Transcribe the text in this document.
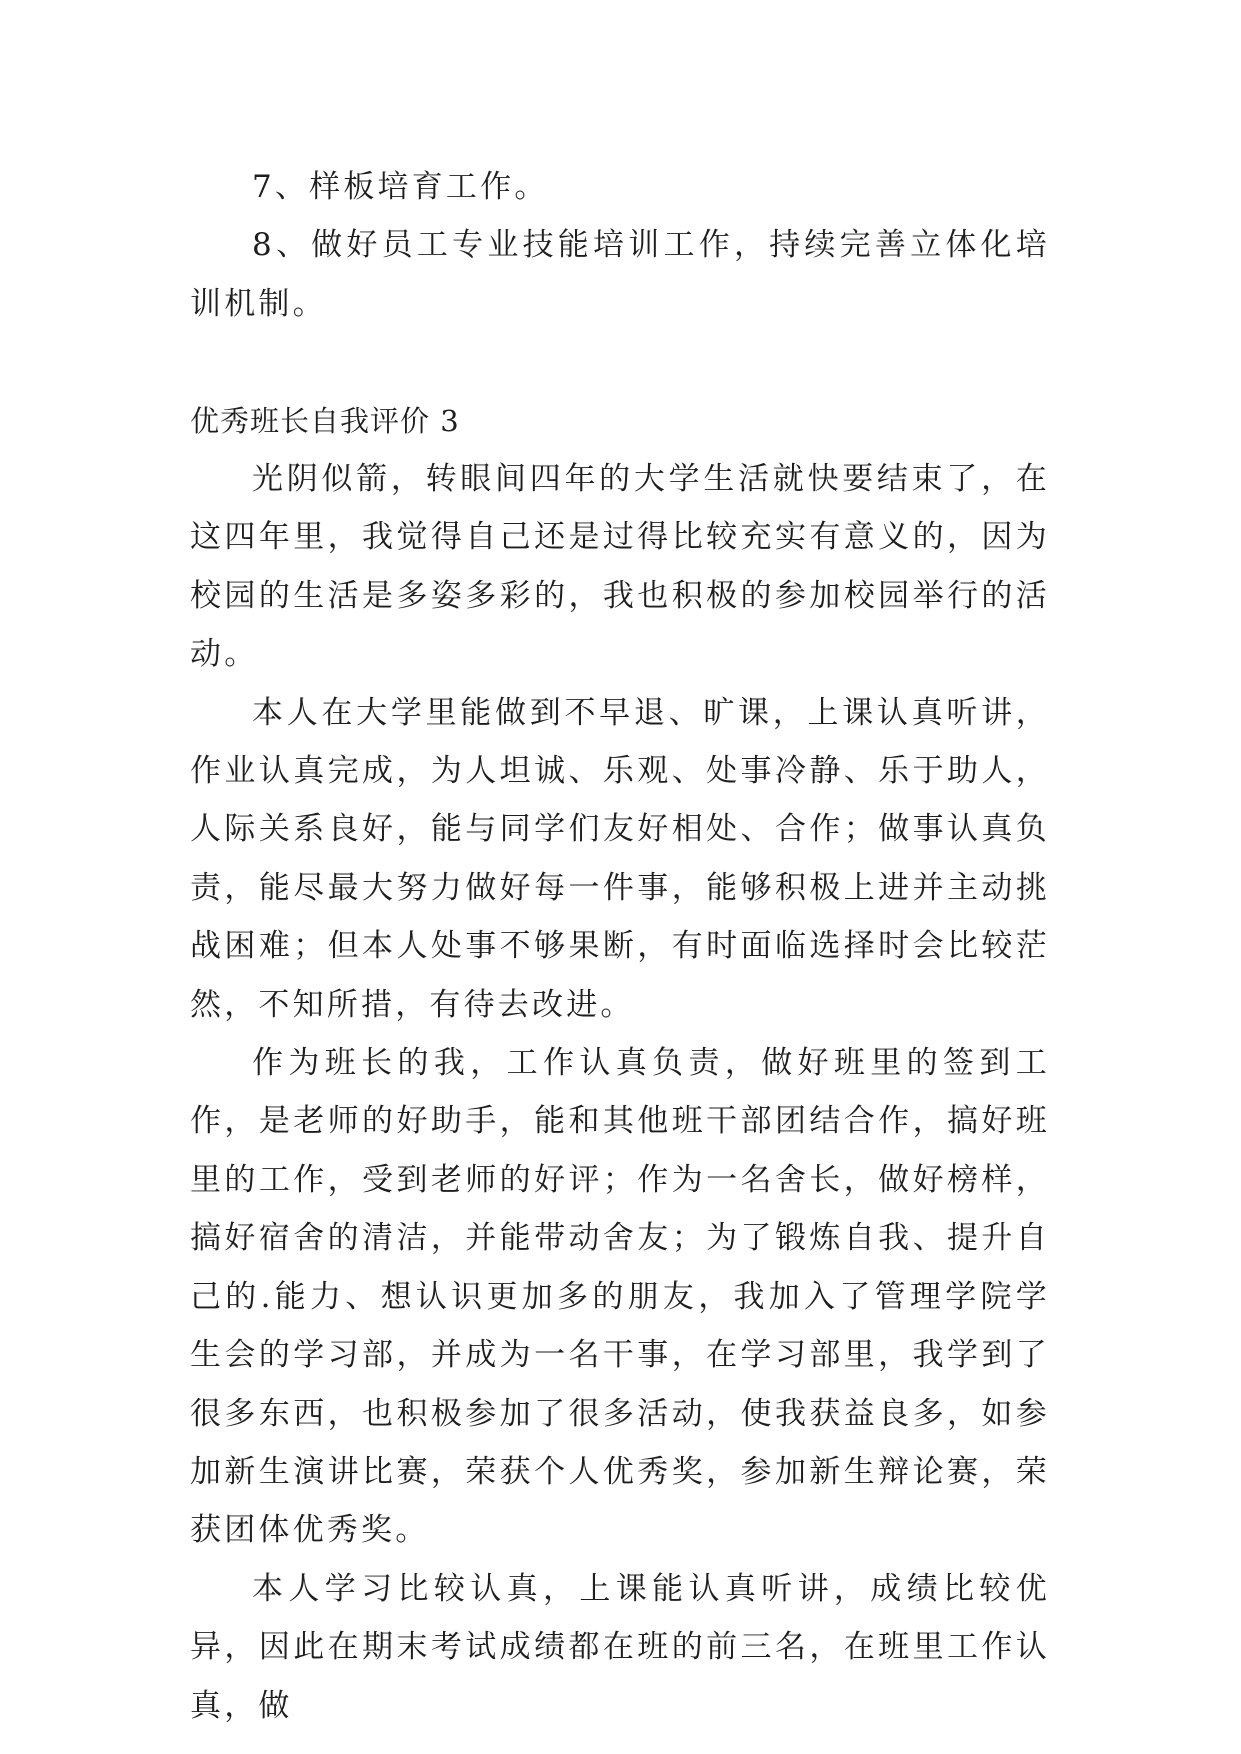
7、样板培育工作。

8、做好员工专业技能培训工作，持续完善立体化培训机制。

优秀班长自我评价 3

光阴似箭，转眼间四年的大学生活就快要结束了，在这四年里，我觉得自己还是过得比较充实有意义的，因为校园的生活是多姿多彩的，我也积极的参加校园举行的活动。

本人在大学里能做到不早退、旷课，上课认真听讲，作业认真完成，为人坦诚、乐观、处事冷静、乐于助人，人际关系良好，能与同学们友好相处、合作；做事认真负责，能尽最大努力做好每一件事，能够积极上进并主动挑战困难；但本人处事不够果断，有时面临选择时会比较茫然，不知所措，有待去改进。

作为班长的我，工作认真负责，做好班里的签到工作，是老师的好助手，能和其他班干部团结合作，搞好班里的工作，受到老师的好评；作为一名舍长，做好榜样，搞好宿舍的清洁，并能带动舍友；为了锻炼自我、提升自己的.能力、想认识更加多的朋友，我加入了管理学院学生会的学习部，并成为一名干事，在学习部里，我学到了很多东西，也积极参加了很多活动，使我获益良多，如参加新生演讲比赛，荣获个人优秀奖，参加新生辩论赛，荣获团体优秀奖。

本人学习比较认真，上课能认真听讲，成绩比较优异，因此在期末考试成绩都在班的前三名，在班里工作认真，做
